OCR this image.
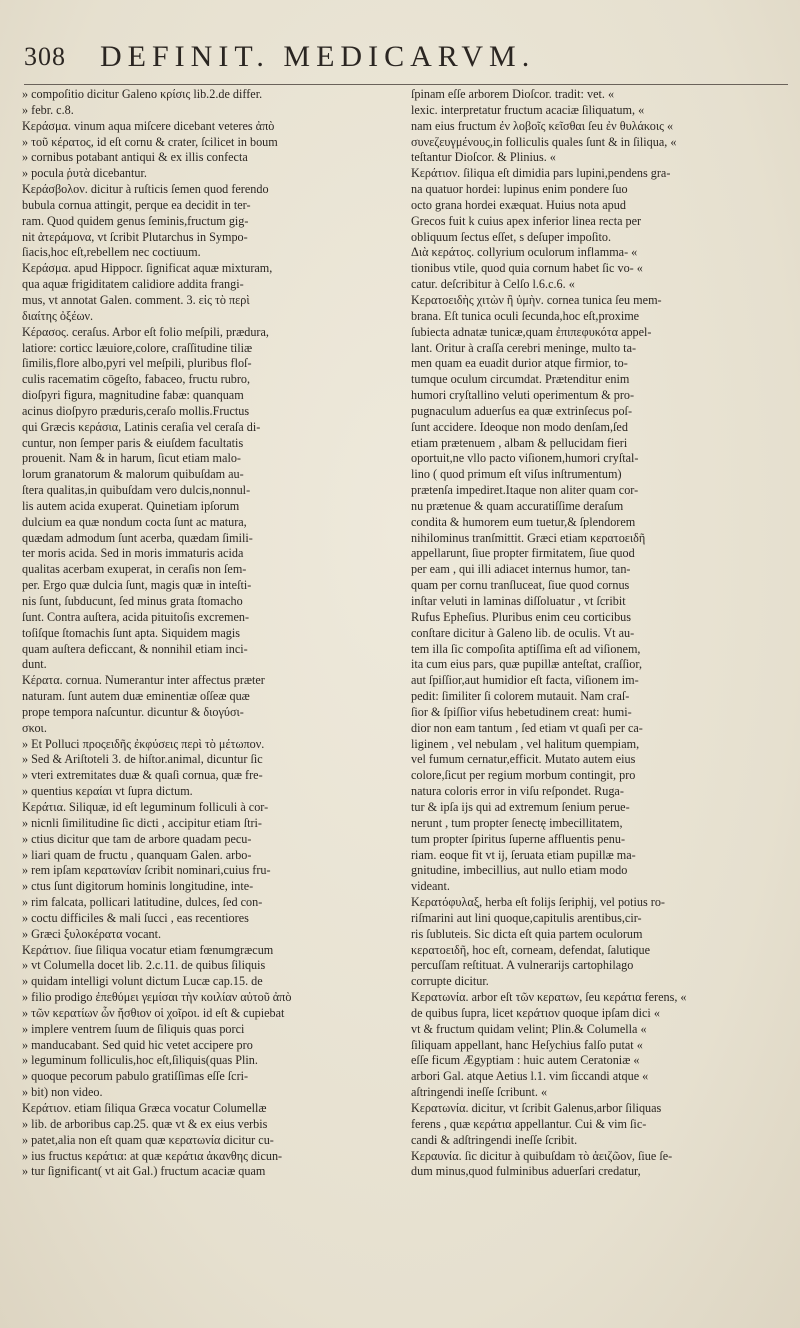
308 DEFINIT. MEDICARVM.
» compoſitio dicitur Galeno κρίσις lib.2.de differ.
» febr. c.8.
Κεράσμα. vinum aqua miſcere dicebant veteres ἀπὸ
» τοῦ κέρατος, id eſt cornu & crater, ſcilicet in boum
» cornibus potabant antiqui & ex illis confecta
» pocula ῥυτὰ dicebantur.
Κεράσβολον. dicitur à ruſticis ſemen quod ferendo
bubula cornua attingit, perque ea decidit in ter-
ram. Quod quidem genus ſeminis,fructum gig-
nit ἀτεράμονα, vt ſcribit Plutarchus in Sympo-
ſiacis,hoc eſt,rebellem nec coctiuum.
Κεράσμα. apud Hippocr. ſignificat aquæ mixturam,
qua aquæ frigiditatem calidiore addita frangi-
mus, vt annotat Galen. comment. 3. εἰς τὸ περὶ
διαίτης ὀξέων.
Κέρασος. ceraſus. Arbor eſt folio meſpili, prædura,
latiore: corticc læuiore,colore, craſſitudine tiliæ
ſimilis,flore albo,pyri vel meſpili, pluribus floſ-
culis racematim cōgeſto, fabaceo, fructu rubro,
dioſpyri figura, magnitudine fabæ: quanquam
acinus dioſpyro præduris,ceraſo mollis.Fructus
qui Græcis κεράσια, Latinis ceraſia vel ceraſa di-
cuntur, non ſemper paris & eiuſdem facultatis
prouenit. Nam & in harum, ſicut etiam malo-
lorum granatorum & malorum quibuſdam au-
ſtera qualitas,in quibuſdam vero dulcis,nonnul-
lis autem acida exuperat. Quinetiam ipſorum
dulcium ea quæ nondum cocta ſunt ac matura,
quædam admodum ſunt acerba, quædam ſimili-
ter moris acida. Sed in moris immaturis acida
qualitas acerbam exuperat, in ceraſis non ſem-
per. Ergo quæ dulcia ſunt, magis quæ in inteſti-
nis ſunt, ſubducunt, ſed minus grata ſtomacho
ſunt. Contra auſtera, acida pituitoſis excremen-
toſiſque ſtomachis ſunt apta. Siquidem magis
quam auſtera deficcant, & nonnihil etiam inci-
dunt.
Κέρατα. cornua. Numerantur inter affectus præter
naturam. ſunt autem duæ eminentiæ oſſeæ quæ
prope tempora naſcuntur. dicuntur & διογύσι-
σκοι.
» Et Polluci προςειδῆς ἐκφύσεις περὶ τὸ μέτωπον.
» Sed & Ariſtoteli 3. de hiſtor.animal, dicuntur ſic
» vteri extremitates duæ & quaſi cornua, quæ fre-
» quentius κεραίαι vt ſupra dictum.
Κεράτια. Siliquæ, id eſt leguminum folliculi à cor-
» nicnli ſimilitudine ſic dicti , accipitur etiam ſtri-
» ctius dicitur que tam de arbore quadam pecu-
» liari quam de fructu , quanquam Galen. arbo-
» rem ipſam κερατωνίαν ſcribit nominari,cuius fru-
» ctus ſunt digitorum hominis longitudine, inte-
» rim falcata, pollicari latitudine, dulces, ſed con-
» coctu difficiles & mali ſucci , eas recentiores
» Græci ξυλοκέρατα vocant.
Κεράτιον. ſiue ſiliqua vocatur etiam fœnumgræcum
» vt Columella docet lib. 2.c.11. de quibus ſiliquis
» quidam intelligi volunt dictum Lucæ cap.15. de
» filio prodigo ἐπεθύμει γεμίσαι τὴν κοιλίαν αὐτοῦ ἀπὸ
» τῶν κερατίων ὧν ἤσθιον οἱ χοῖροι. id eſt & cupiebat
» implere ventrem ſuum de ſiliquis quas porci
» manducabant. Sed quid hic vetet accipere pro
» leguminum folliculis,hoc eſt,ſiliquis(quas Plin.
» quoque pecorum pabulo gratiſſimas eſſe ſcri-
» bit) non video.
Κεράτιον. etiam ſiliqua Græca vocatur Columellæ
» lib. de arboribus cap.25. quæ vt & ex eius verbis
» patet,alia non eſt quam quæ κερατωνία dicitur cu-
» ius fructus κεράτια: at quæ κεράτια ἀκανθης dicun-
» tur ſignificant( vt ait Gal.) fructum acaciæ quam
ſpinam eſſe arborem Dioſcor. tradit: vet. «
lexic. interpretatur fructum acaciæ ſiliquatum, «
nam eius fructum ἐν λοβοῖς κεῖσθαι ſeu ἐν θυλάκοις «
συνεζευγμένους,in folliculis quales ſunt & in ſiliqua, «
teſtantur Dioſcor. & Plinius. «
Κεράτιον. ſiliqua eſt dimidia pars lupini,pendens gra-
na quatuor hordei: lupinus enim pondere ſuo
octo grana hordei exæquat. Huius nota apud
Grecos fuit k cuius apex inferior linea recta per
obliquum ſectus eſſet, s deſuper impoſito.
Διὰ κεράτος. collyrium oculorum inflamma- «
tionibus vtile, quod quia cornum habet ſic vo- «
catur. deſcribitur à Celſo l.6.c.6. «
Κερατοειδὴς χιτὼν ἢ ὑμὴν. cornea tunica ſeu mem-
brana. Eſt tunica oculi ſecunda,hoc eſt,proxime
ſubiecta adnatæ tunicæ,quam ἐπιπεφυκότα appel-
lant. Oritur à craſſa cerebri meninge, multo ta-
men quam ea euadit durior atque firmior, to-
tumque oculum circumdat. Prætenditur enim
humori cryſtallino veluti operimentum & pro-
pugnaculum aduerſus ea quæ extrinſecus poſ-
ſunt accidere. Ideoque non modo denſam,ſed
etiam prætenuem , albam & pellucidam fieri
oportuit,ne vllo pacto viſionem,humori cryſtal-
lino ( quod primum eſt viſus inſtrumentum)
prætenſa impediret.Itaque non aliter quam cor-
nu prætenue & quam accuratiſſime deraſum
condita & humorem eum tuetur,& ſplendorem
nihilominus tranſmittit. Græci etiam κερατοειδῆ
appellarunt, ſiue propter firmitatem, ſiue quod
per eam , qui illi adiacet internus humor, tan-
quam per cornu tranſluceat, ſiue quod cornus
inſtar veluti in laminas diſſoluatur , vt ſcribit
Rufus Epheſius. Pluribus enim ceu corticibus
conſtare dicitur à Galeno lib. de oculis. Vt au-
tem illa ſic compoſita aptiſſima eſt ad viſionem,
ita cum eius pars, quæ pupillæ anteſtat, craſſior,
aut ſpiſſior,aut humidior eſt facta, viſionem im-
pedit: ſimiliter ſi colorem mutauit. Nam craſ-
ſior & ſpiſſior viſus hebetudinem creat: humi-
dior non eam tantum , ſed etiam vt quaſi per ca-
liginem , vel nebulam , vel halitum quempiam,
vel fumum cernatur,efficit. Mutato autem eius
colore,ſicut per regium morbum contingit, pro
natura coloris error in viſu reſpondet. Ruga-
tur & ipſa ijs qui ad extremum ſenium perue-
nerunt , tum propter ſenectę imbecillitatem,
tum propter ſpiritus ſuperne affluentis penu-
riam. eoque fit vt ij, ſeruata etiam pupillæ ma-
gnitudine, imbecillius, aut nullo etiam modo
videant.
Κερατόφυλαξ, herba eſt folijs ſeriphij, vel potius ro-
riſmarini aut lini quoque,capitulis arentibus,cir-
ris ſubluteis. Sic dicta eſt quia partem oculorum
κερατοειδῆ, hoc eſt, corneam, defendat, ſalutique
percuſſam reſtituat. A vulnerarijs cartophilago
corrupte dicitur.
Κερατωνία. arbor eſt τῶν κερατων, ſeu κεράτια ferens, «
de quibus ſupra, licet κεράτιον quoque ipſam dici «
vt & fructum quidam velint; Plin.& Columella «
ſiliquam appellant, hanc Heſychius falſo putat «
eſſe ficum Ægyptiam : huic autem Ceratoniæ «
arbori Gal. atque Aetius l.1. vim ſiccandi atque «
aſtringendi ineſſe ſcribunt. «
Κερατωνία. dicitur, vt ſcribit Galenus,arbor ſiliquas
ferens , quæ κεράτια appellantur. Cui & vim ſic-
candi & adſtringendi ineſſe ſcribit.
Κεραυνία. ſic dicitur à quibuſdam τὸ ἀειζῶον, ſiue ſe-
dum minus,quod fulminibus aduerſari credatur,
